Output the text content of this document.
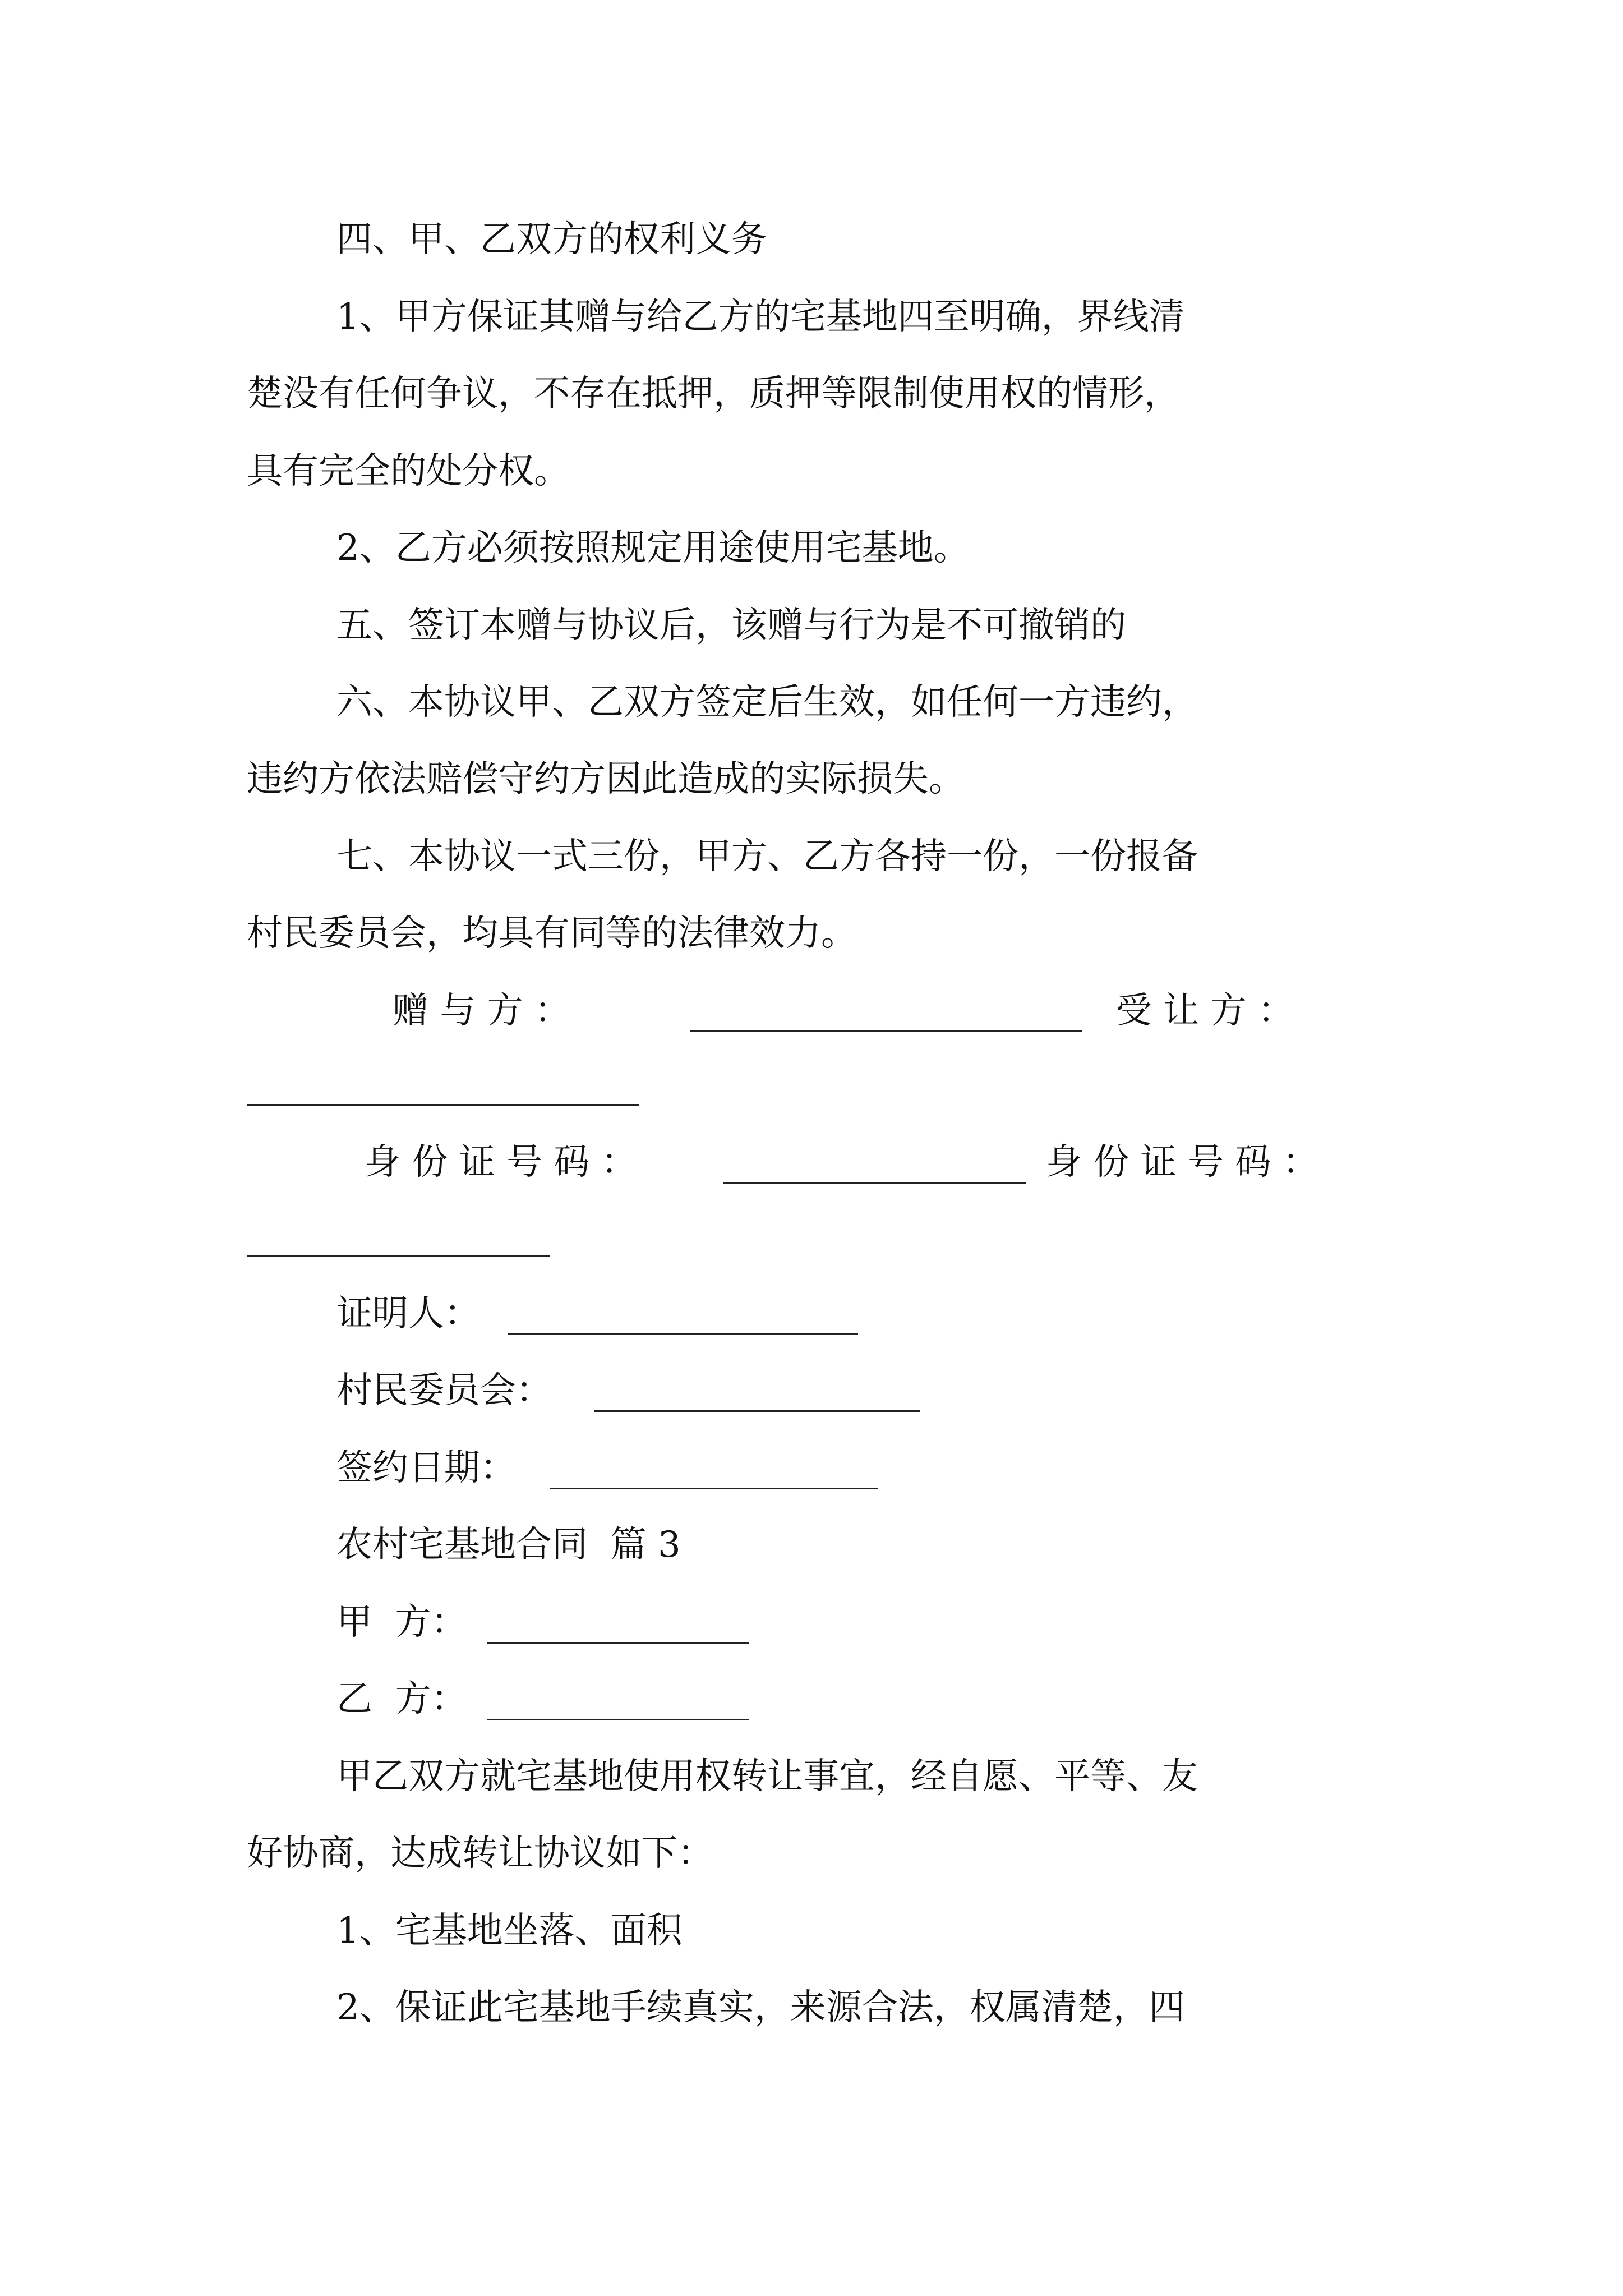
四、甲、乙双方的权利义务

1、甲方保证其赠与给乙方的宅基地四至明确，界线清

楚没有任何争议，不存在抵押，质押等限制使用权的情形，

具有完全的处分权。

2、乙方必须按照规定用途使用宅基地。

五、签订本赠与协议后，该赠与行为是不可撤销的

六、本协议甲、乙双方签定后生效，如任何一方违约，

违约方依法赔偿守约方因此造成的实际损失。

七、本协议一式三份，甲方、乙方各持一份，一份报备

村民委员会，均具有同等的法律效力。

赠 与 方 ：	受 让 方 ：

身 份 证 号 码 ：	身 份 证 号 码 ：

证明人：

村民委员会：

签约日期：

农村宅基地合同  篇 3

甲  方：

乙  方：

甲乙双方就宅基地使用权转让事宜，经自愿、平等、友

好协商，达成转让协议如下：

1、宅基地坐落、面积

2、保证此宅基地手续真实，来源合法，权属清楚，四
